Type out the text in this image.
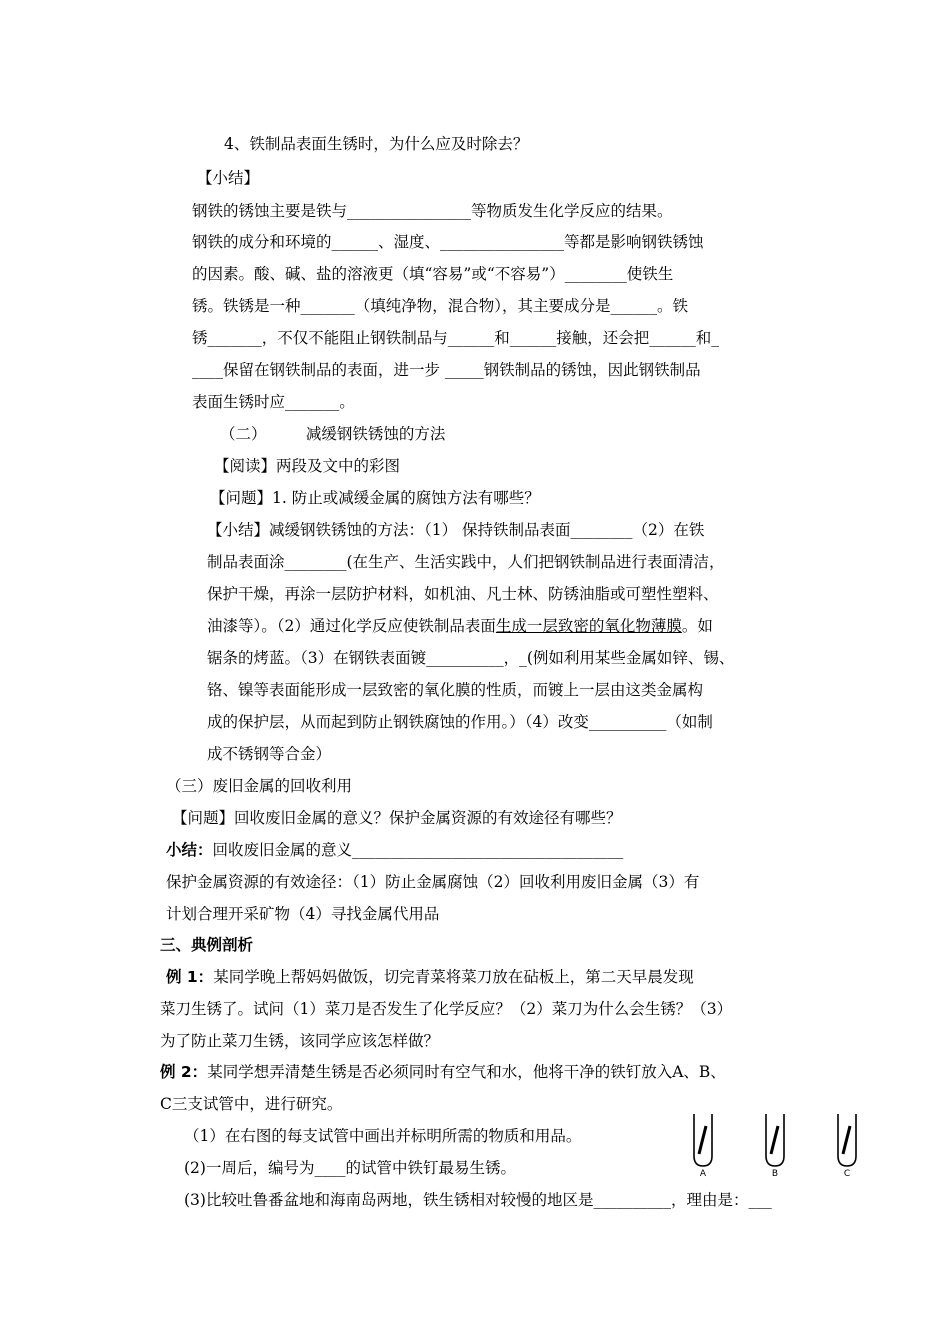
4、铁制品表面生锈时，为什么应及时除去？
【小结】
钢铁的锈蚀主要是铁与________________等物质发生化学反应的结果。
钢铁的成分和环境的______、湿度、________________等都是影响钢铁锈蚀
的因素。酸、碱、盐的溶液更（填“容易”或“不容易”）________使铁生
锈。铁锈是一种_______（填纯净物，混合物），其主要成分是______。铁
锈_______，不仅不能阻止钢铁制品与______和______接触，还会把______和_
____保留在钢铁制品的表面，进一步 _____钢铁制品的锈蚀，因此钢铁制品
表面生锈时应_______。
（二）        减缓钢铁锈蚀的方法
【阅读】两段及文中的彩图
【问题】1. 防止或减缓金属的腐蚀方法有哪些？
【小结】减缓钢铁锈蚀的方法：（1） 保持铁制品表面________（2）在铁
制品表面涂________(在生产、生活实践中，人们把钢铁制品进行表面清洁，
保护干燥，再涂一层防护材料，如机油、凡士林、防锈油脂或可塑性塑料、
油漆等）。（2）通过化学反应使铁制品表面生成一层致密的氧化物薄膜。如
锯条的烤蓝。（3）在钢铁表面镀__________，_(例如利用某些金属如锌、锡、
铬、镍等表面能形成一层致密的氧化膜的性质，而镀上一层由这类金属构
成的保护层，从而起到防止钢铁腐蚀的作用。）（4）改变__________（如制
成不锈钢等合金）
（三）废旧金属的回收利用
【问题】回收废旧金属的意义？保护金属资源的有效途径有哪些？
小结：回收废旧金属的意义___________________________________
保护金属资源的有效途径：（1）防止金属腐蚀（2）回收利用废旧金属（3）有
计划合理开采矿物（4）寻找金属代用品
三、典例剖析
例 1：某同学晚上帮妈妈做饭，切完青菜将菜刀放在砧板上，第二天早晨发现
菜刀生锈了。试问（1）菜刀是否发生了化学反应？（2）菜刀为什么会生锈？（3）
为了防止菜刀生锈，该同学应该怎样做？
例 2：某同学想弄清楚生锈是否必须同时有空气和水，他将干净的铁钉放入A、B、
C三支试管中，进行研究。
（1）在右图的每支试管中画出并标明所需的物质和用品。
(2)一周后，编号为____的试管中铁钉最易生锈。
(3)比较吐鲁番盆地和海南岛两地，铁生锈相对较慢的地区是__________，理由是：___
A	B	C
